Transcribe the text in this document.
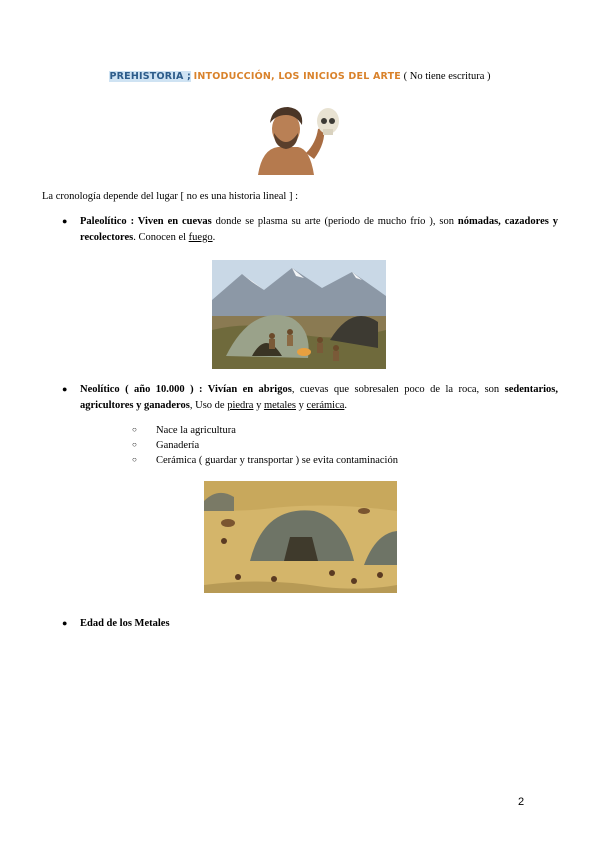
PREHISTORIA ; INTODUCCIÓN, LOS INICIOS DEL ARTE ( No tiene escritura )
La cronología depende del lugar [ no es una historia lineal ] :
● Paleolítico : Viven en cuevas donde se plasma su arte (periodo de mucho frío ), son nómadas, cazadores y recolectores. Conocen el fuego.
● Neolítico ( año 10.000 ) : Vivían en abrigos, cuevas que sobresalen poco de la roca, son sedentarios, agricultores y ganaderos, Uso de piedra y metales y cerámica.
○ Nace la agricultura
○ Ganadería
○ Cerámica ( guardar y transportar ) se evita contaminación
● Edad de los Metales
2
